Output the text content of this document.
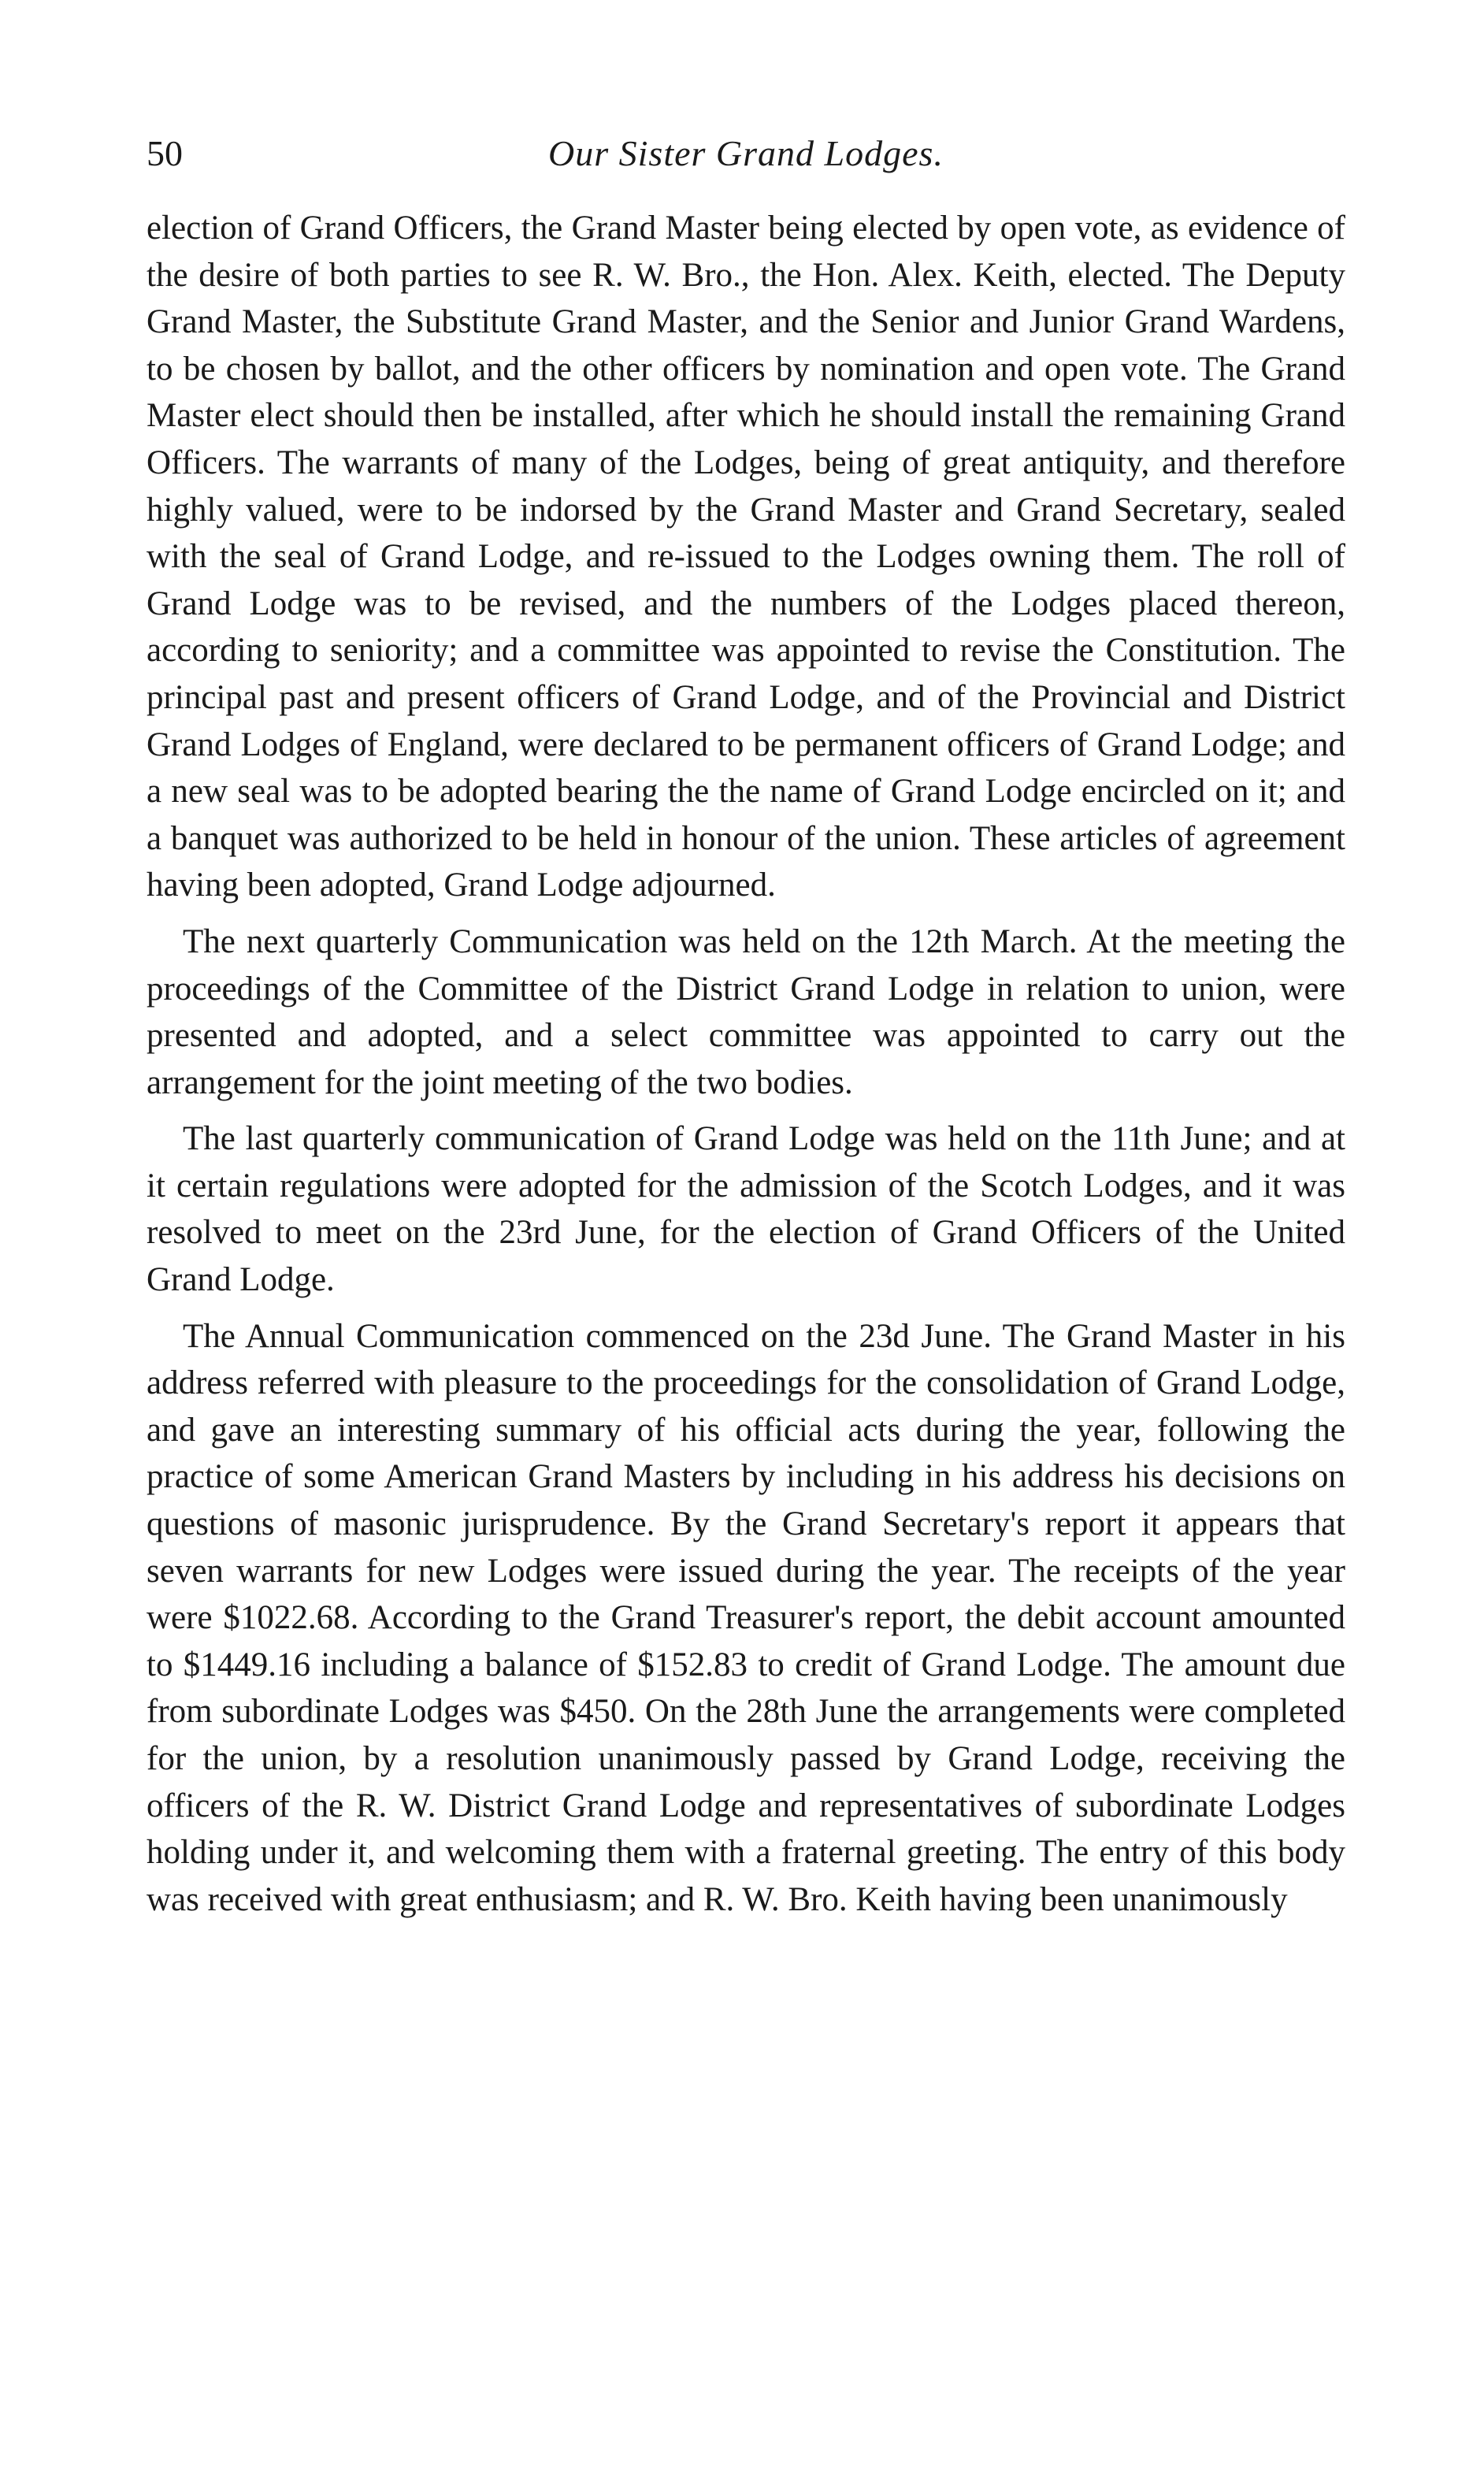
50	Our Sister Grand Lodges.

election of Grand Officers, the Grand Master being elected by open vote, as evidence of the desire of both parties to see R. W. Bro., the Hon. Alex. Keith, elected. The Deputy Grand Master, the Substitute Grand Master, and the Senior and Junior Grand Wardens, to be chosen by ballot, and the other officers by nomination and open vote. The Grand Master elect should then be installed, after which he should install the remaining Grand Officers. The warrants of many of the Lodges, being of great antiquity, and therefore highly valued, were to be indorsed by the Grand Master and Grand Secretary, sealed with the seal of Grand Lodge, and re-issued to the Lodges owning them. The roll of Grand Lodge was to be revised, and the numbers of the Lodges placed thereon, according to seniority; and a committee was appointed to revise the Constitution. The principal past and present officers of Grand Lodge, and of the Provincial and District Grand Lodges of England, were declared to be permanent officers of Grand Lodge; and a new seal was to be adopted bearing the the name of Grand Lodge encircled on it; and a banquet was authorized to be held in honour of the union. These articles of agreement having been adopted, Grand Lodge adjourned.

The next quarterly Communication was held on the 12th March. At the meeting the proceedings of the Committee of the District Grand Lodge in relation to union, were presented and adopted, and a select committee was appointed to carry out the arrangement for the joint meeting of the two bodies.

The last quarterly communication of Grand Lodge was held on the 11th June; and at it certain regulations were adopted for the admission of the Scotch Lodges, and it was resolved to meet on the 23rd June, for the election of Grand Officers of the United Grand Lodge.

The Annual Communication commenced on the 23d June. The Grand Master in his address referred with pleasure to the proceedings for the consolidation of Grand Lodge, and gave an interesting summary of his official acts during the year, following the practice of some American Grand Masters by including in his address his decisions on questions of masonic jurisprudence. By the Grand Secretary's report it appears that seven warrants for new Lodges were issued during the year. The receipts of the year were $1022.68. According to the Grand Treasurer's report, the debit account amounted to $1449.16 including a balance of $152.83 to credit of Grand Lodge. The amount due from subordinate Lodges was $450. On the 28th June the arrangements were completed for the union, by a resolution unanimously passed by Grand Lodge, receiving the officers of the R. W. District Grand Lodge and representatives of subordinate Lodges holding under it, and welcoming them with a fraternal greeting. The entry of this body was received with great enthusiasm; and R. W. Bro. Keith having been unanimously
